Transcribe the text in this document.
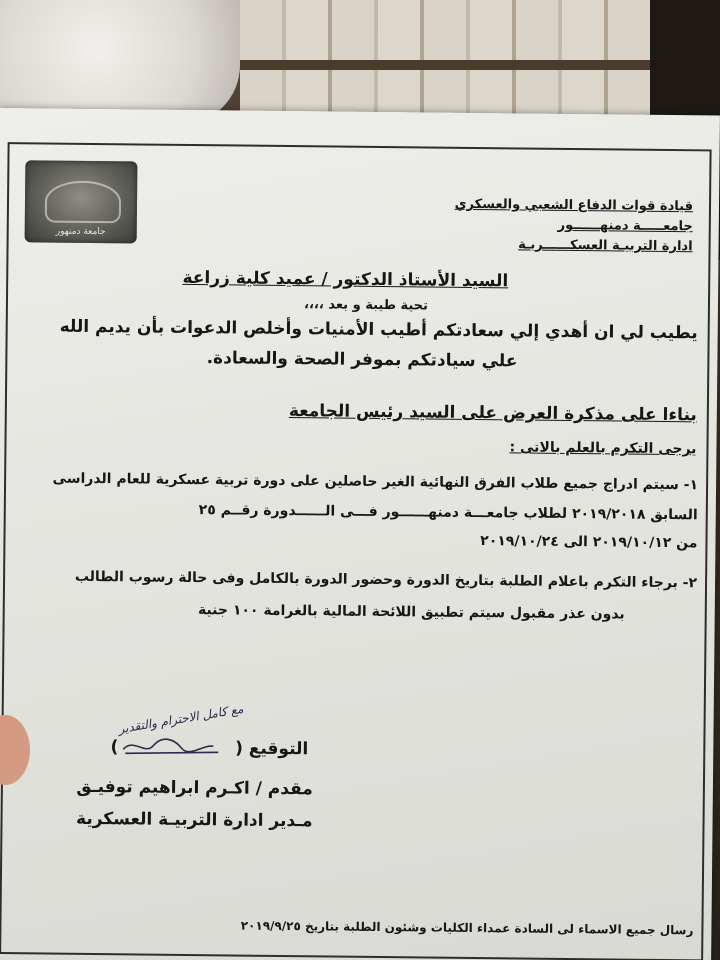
جامعة دمنهور
قيادة قوات الدفاع الشعبي والعسكري
جامعـــــة دمنهــــــور
ادارة التربيـة العسكــــــريـة
السيد الأستاذ الدكتور / عميد كلية زراعة
تحية طيبة و بعد ،،،،
يطيب لي ان أهدي إلي سعادتكم أطيب الأمنيات وأخلص الدعوات بأن يديم الله
علي سيادتكم بموفر الصحة والسعادة.
بناءا على مذكرة العرض على السيد رئيس الجامعة
يرجى التكرم بالعلم بالاتى :
١- سيتم ادراج جميع طلاب الفرق النهائية الغير حاصلين على دورة تربية عسكرية للعام الدراسى
السابق ٢٠١٩/٢٠١٨ لطلاب جامعـــة دمنهــــــور فـــى الــــــدورة رقــم ٢٥
من ٢٠١٩/١٠/١٢ الى ٢٠١٩/١٠/٢٤
٢- برجاء التكرم باعلام الطلبة بتاريخ الدورة وحضور الدورة بالكامل وفى حالة رسوب الطالب
بدون عذر مقبول سيتم تطبيق اللائحة المالية بالغرامة ١٠٠ جنية
مع كامل الاحترام والتقدير
التوقيع (
)
مقدم / اكـرم ابراهيم توفيـق
مـدير ادارة التربيـة العسكرية
رسال جميع الاسماء لى السادة عمداء الكليات وشئون الطلبة بتاريخ ٢٠١٩/٩/٢٥
